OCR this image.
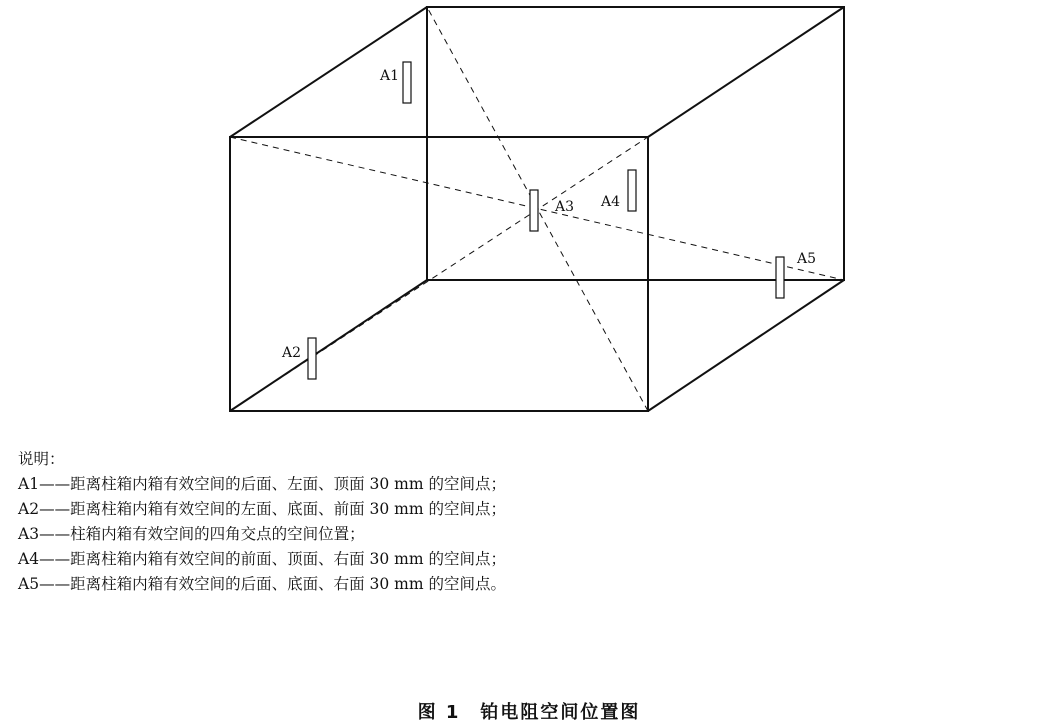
A1
A2
A3 A4
A5
说明：
A1——距离柱箱内箱有效空间的后面、左面、顶面 30 mm 的空间点；
A2——距离柱箱内箱有效空间的左面、底面、前面 30 mm 的空间点；
A3——柱箱内箱有效空间的四角交点的空间位置；
A4——距离柱箱内箱有效空间的前面、顶面、右面 30 mm 的空间点；
A5——距离柱箱内箱有效空间的后面、底面、右面 30 mm 的空间点。
图 1　铂电阻空间位置图
